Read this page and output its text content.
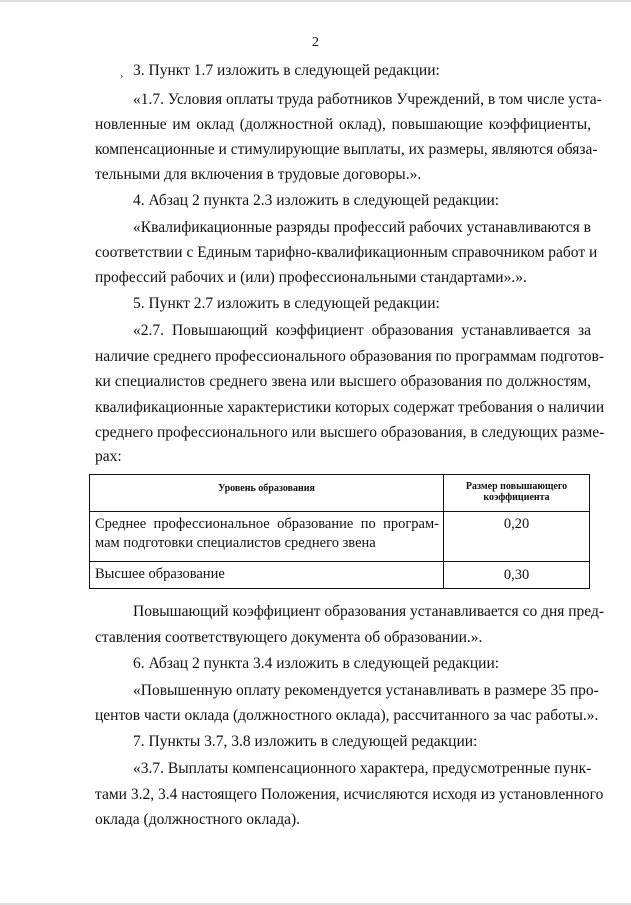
2
› 3. Пункт 1.7 изложить в следующей редакции:
«1.7. Условия оплаты труда работников Учреждений, в том числе уста-
новленные им оклад (должностной оклад), повышающие коэффициенты,
компенсационные и стимулирующие выплаты, их размеры, являются обяза-
тельными для включения в трудовые договоры.».
4. Абзац 2 пункта 2.3 изложить в следующей редакции:
«Квалификационные разряды профессий рабочих устанавливаются в
соответствии с Единым тарифно-квалификационным справочником работ и
профессий рабочих и (или) профессиональными стандартами».».
5. Пункт 2.7 изложить в следующей редакции:
«2.7. Повышающий коэффициент образования устанавливается за
наличие среднего профессионального образования по программам подготов-
ки специалистов среднего звена или высшего образования по должностям,
квалификационные характеристики которых содержат требования о наличии
среднего профессионального или высшего образования, в следующих разме-
рах:
Уровень образования	Размер повышающего
коэффициента

Среднее профессиональное образование по програм-
мам подготовки специалистов среднего звена	0,20
Высшее образование	0,30
Повышающий коэффициент образования устанавливается со дня пред-
ставления соответствующего документа об образовании.».
6. Абзац 2 пункта 3.4 изложить в следующей редакции:
«Повышенную оплату рекомендуется устанавливать в размере 35 про-
центов части оклада (должностного оклада), рассчитанного за час работы.».
7. Пункты 3.7, 3.8 изложить в следующей редакции:
«3.7. Выплаты компенсационного характера, предусмотренные пунк-
тами 3.2, 3.4 настоящего Положения, исчисляются исходя из установленного
оклада (должностного оклада).
